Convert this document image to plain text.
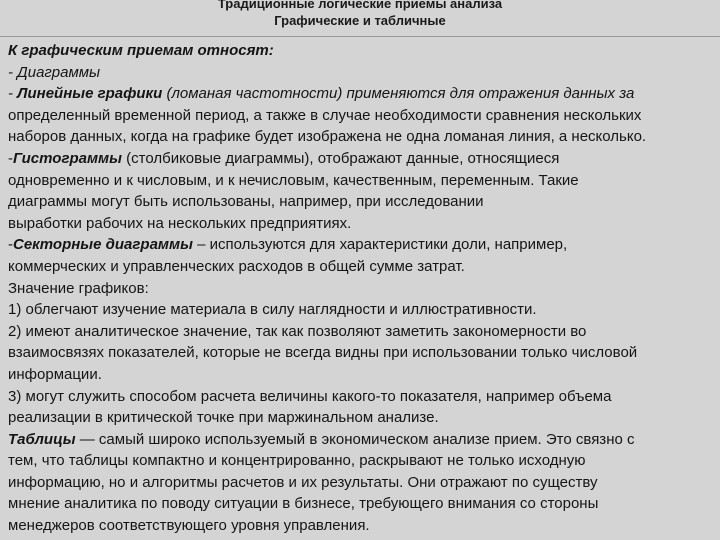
Традиционные логические приемы анализа
Графические и табличные

К графическим приемам относят:

- Диаграммы

- Линейные графики (ломаная частотности) применяются для отражения данных за

определенный временной период, а также в случае необходимости сравнения нескольких

наборов данных, когда на графике будет изображена не одна ломаная линия, а несколько.

-Гистограммы (столбиковые диаграммы), отображают данные, относящиеся

одновременно и к числовым, и к нечисловым, качественным, переменным. Такие

диаграммы могут быть использованы, например, при исследовании

выработки рабочих на нескольких предприятиях.

-Секторные диаграммы – используются для характеристики доли, например,

коммерческих и управленческих расходов в общей сумме затрат.

Значение графиков:

1) облегчают изучение материала в силу наглядности и иллюстративности.

2) имеют аналитическое значение, так как позволяют заметить закономерности во

взаимосвязях показателей, которые не всегда видны при использовании только числовой

информации.

3) могут служить способом расчета величины какого-то показателя, например объема

реализации в критической точке при маржинальном анализе.

Таблицы — самый широко используемый в экономическом анализе прием. Это связно с

тем, что таблицы компактно и концентрированно, раскрывают не только исходную

информацию, но и алгоритмы расчетов и их результаты. Они отражают по существу

мнение аналитика по поводу ситуации в бизнесе, требующего внимания со стороны

менеджеров соответствующего уровня управления.
